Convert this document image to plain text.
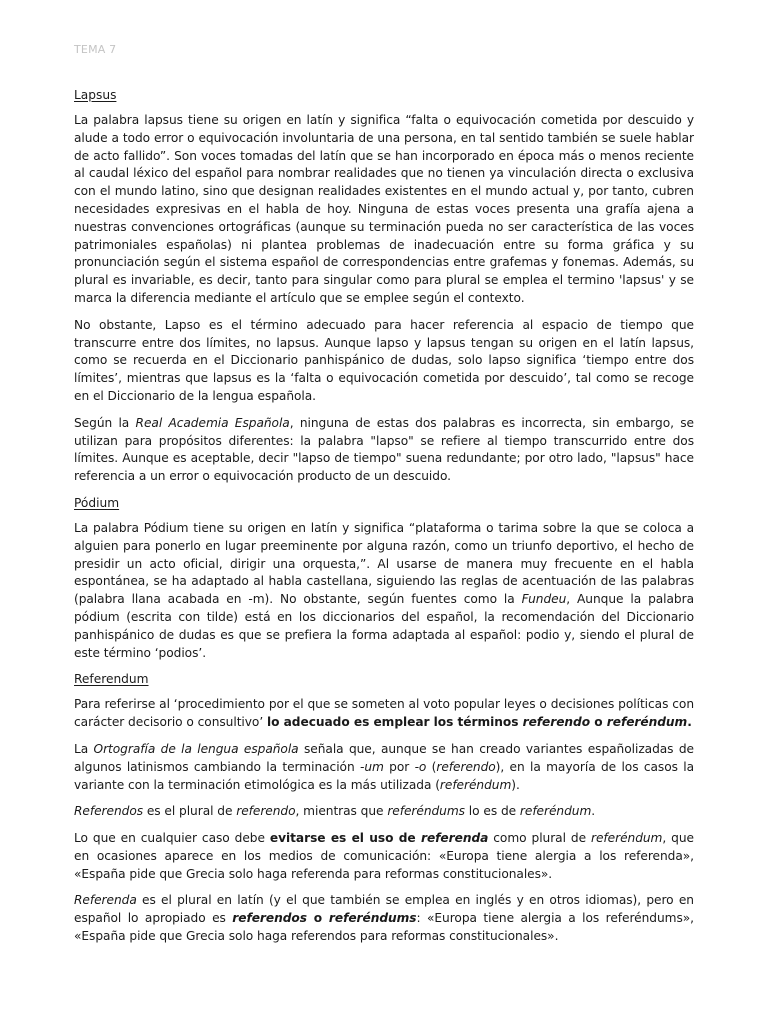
TEMA 7
Lapsus

La palabra lapsus tiene su origen en latín y significa “falta o equivocación cometida por descuido y alude a todo error o equivocación involuntaria de una persona, en tal sentido también se suele hablar de acto fallido”. Son voces tomadas del latín que se han incorporado en época más o menos reciente al caudal léxico del español para nombrar realidades que no tienen ya vinculación directa o exclusiva con el mundo latino, sino que designan realidades existentes en el mundo actual y, por tanto, cubren necesidades expresivas en el habla de hoy. Ninguna de estas voces presenta una grafía ajena a nuestras convenciones ortográficas (aunque su terminación pueda no ser característica de las voces patrimoniales españolas) ni plantea problemas de inadecuación entre su forma gráfica y su pronunciación según el sistema español de correspondencias entre grafemas y fonemas. Además, su plural es invariable, es decir, tanto para singular como para plural se emplea el termino 'lapsus' y se marca la diferencia mediante el artículo que se emplee según el contexto.

No obstante, Lapso es el término adecuado para hacer referencia al espacio de tiempo que transcurre entre dos límites, no lapsus. Aunque lapso y lapsus tengan su origen en el latín lapsus, como se recuerda en el Diccionario panhispánico de dudas, solo lapso significa ‘tiempo entre dos límites’, mientras que lapsus es la ‘falta o equivocación cometida por descuido’, tal como se recoge en el Diccionario de la lengua española.

Según la Real Academia Española, ninguna de estas dos palabras es incorrecta, sin embargo, se utilizan para propósitos diferentes: la palabra "lapso" se refiere al tiempo transcurrido entre dos límites. Aunque es aceptable, decir "lapso de tiempo" suena redundante; por otro lado, "lapsus" hace referencia a un error o equivocación producto de un descuido.

Pódium

La palabra Pódium tiene su origen en latín y significa “plataforma o tarima sobre la que se coloca a alguien para ponerlo en lugar preeminente por alguna razón, como un triunfo deportivo, el hecho de presidir un acto oficial, dirigir una orquesta,”. Al usarse de manera muy frecuente en el habla espontánea, se ha adaptado al habla castellana, siguiendo las reglas de acentuación de las palabras (palabra llana acabada en -m). No obstante, según fuentes como la Fundeu, Aunque la palabra pódium (escrita con tilde) está en los diccionarios del español, la recomendación del Diccionario panhispánico de dudas es que se prefiera la forma adaptada al español: podio y, siendo el plural de este término ‘podios’.

Referendum

Para referirse al ‘procedimiento por el que se someten al voto popular leyes o decisiones políticas con carácter decisorio o consultivo’ lo adecuado es emplear los términos referendo o referéndum.

La Ortografía de la lengua española señala que, aunque se han creado variantes españolizadas de algunos latinismos cambiando la terminación -um por -o (referendo), en la mayoría de los casos la variante con la terminación etimológica es la más utilizada (referéndum).

Referendos es el plural de referendo, mientras que referéndums lo es de referéndum.

Lo que en cualquier caso debe evitarse es el uso de referenda como plural de referéndum, que en ocasiones aparece en los medios de comunicación: «Europa tiene alergia a los referenda», «España pide que Grecia solo haga referenda para reformas constitucionales».

Referenda es el plural en latín (y el que también se emplea en inglés y en otros idiomas), pero en español lo apropiado es referendos o referéndums: «Europa tiene alergia a los referéndums», «España pide que Grecia solo haga referendos para reformas constitucionales».
